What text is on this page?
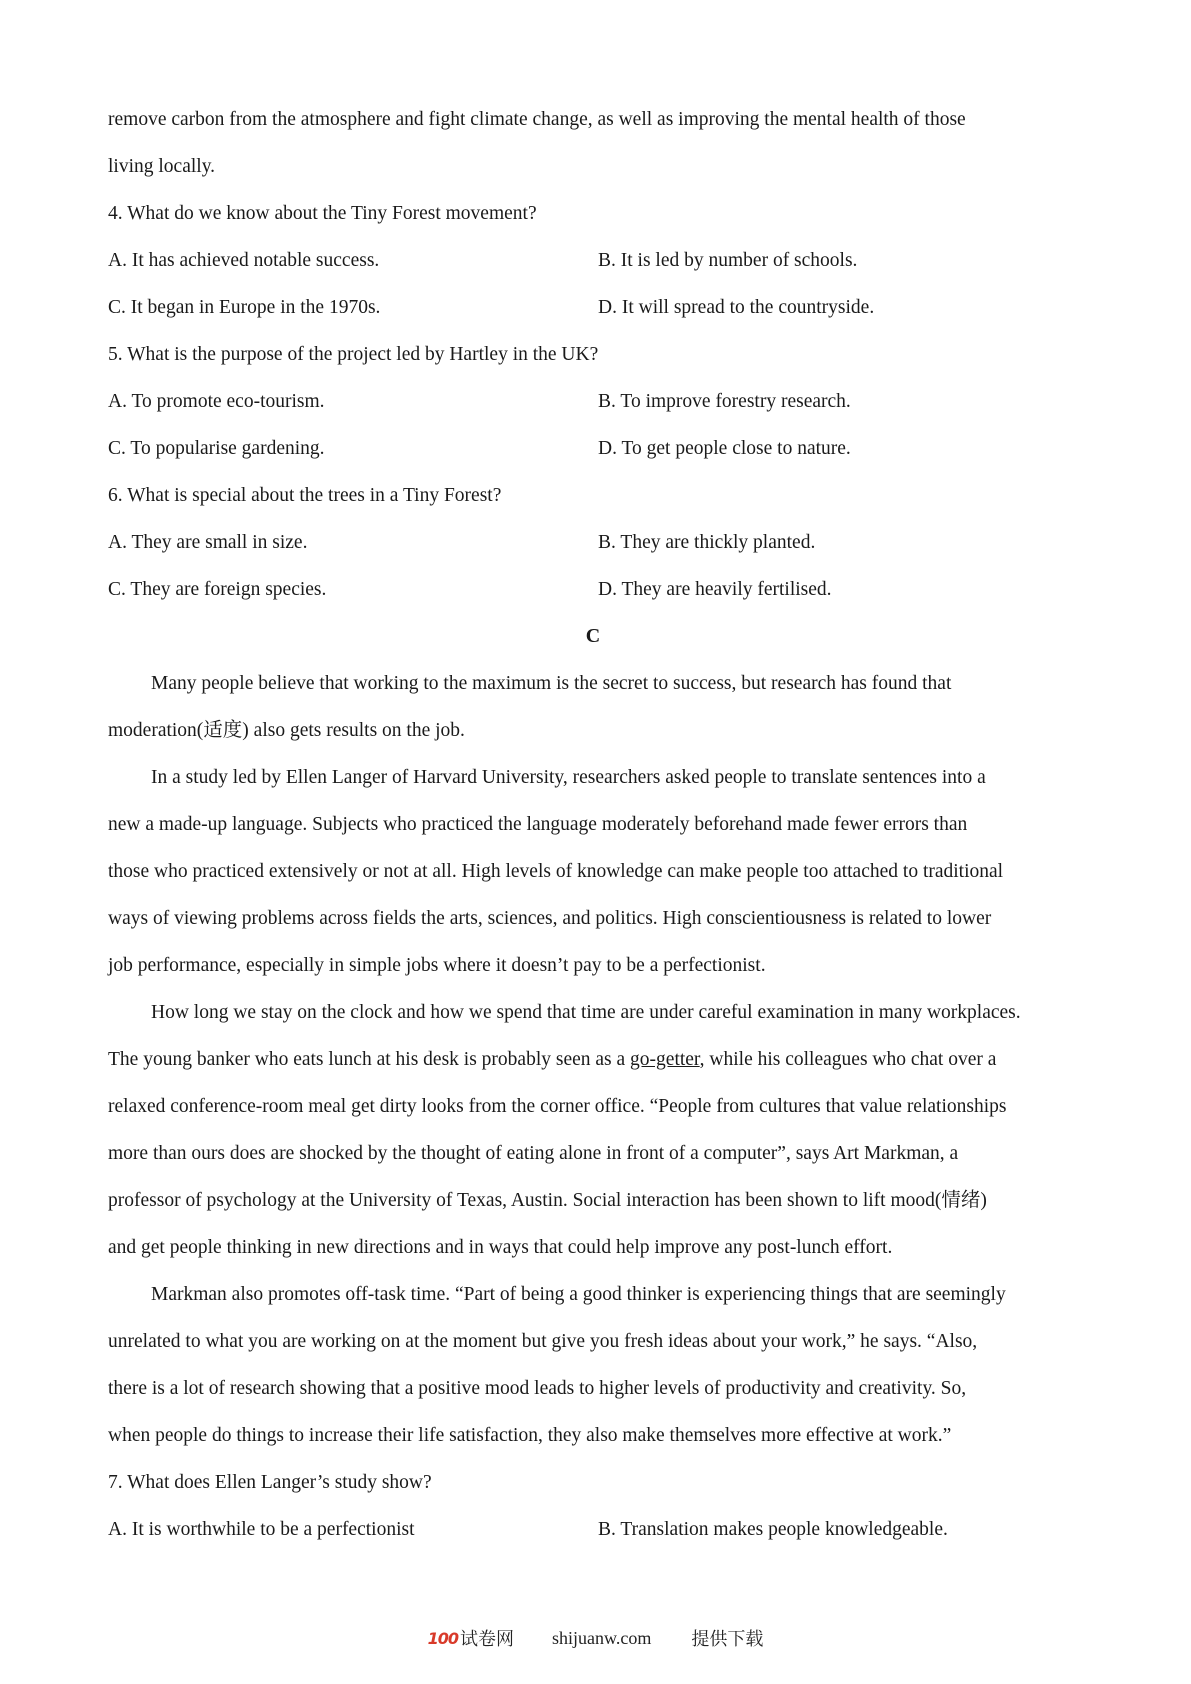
remove carbon from the atmosphere and fight climate change, as well as improving the mental health of those
living locally.
4. What do we know about the Tiny Forest movement?
A. It has achieved notable success.	B. It is led by number of schools.
C. It began in Europe in the 1970s.	D. It will spread to the countryside.
5. What is the purpose of the project led by Hartley in the UK?
A. To promote eco-tourism.	B. To improve forestry research.
C. To popularise gardening.	D. To get people close to nature.
6. What is special about the trees in a Tiny Forest?
A. They are small in size.	B. They are thickly planted.
C. They are foreign species.	D. They are heavily fertilised.
C
Many people believe that working to the maximum is the secret to success, but research has found that
moderation(适度) also gets results on the job.
In a study led by Ellen Langer of Harvard University, researchers asked people to translate sentences into a
new a made-up language. Subjects who practiced the language moderately beforehand made fewer errors than
those who practiced extensively or not at all. High levels of knowledge can make people too attached to traditional
ways of viewing problems across fields the arts, sciences, and politics. High conscientiousness is related to lower
job performance, especially in simple jobs where it doesn’t pay to be a perfectionist.
How long we stay on the clock and how we spend that time are under careful examination in many workplaces.
The young banker who eats lunch at his desk is probably seen as a go-getter, while his colleagues who chat over a
relaxed conference-room meal get dirty looks from the corner office. “People from cultures that value relationships
more than ours does are shocked by the thought of eating alone in front of a computer”, says Art Markman, a
professor of psychology at the University of Texas, Austin. Social interaction has been shown to lift mood(情绪)
and get people thinking in new directions and in ways that could help improve any post-lunch effort.
Markman also promotes off-task time. “Part of being a good thinker is experiencing things that are seemingly
unrelated to what you are working on at the moment but give you fresh ideas about your work,” he says. “Also,
there is a lot of research showing that a positive mood leads to higher levels of productivity and creativity. So,
when people do things to increase their life satisfaction, they also make themselves more effective at work.”
7. What does Ellen Langer’s study show?
A. It is worthwhile to be a perfectionist	B. Translation makes people knowledgeable.
100 试卷网 shijuanw.com 提供下载
